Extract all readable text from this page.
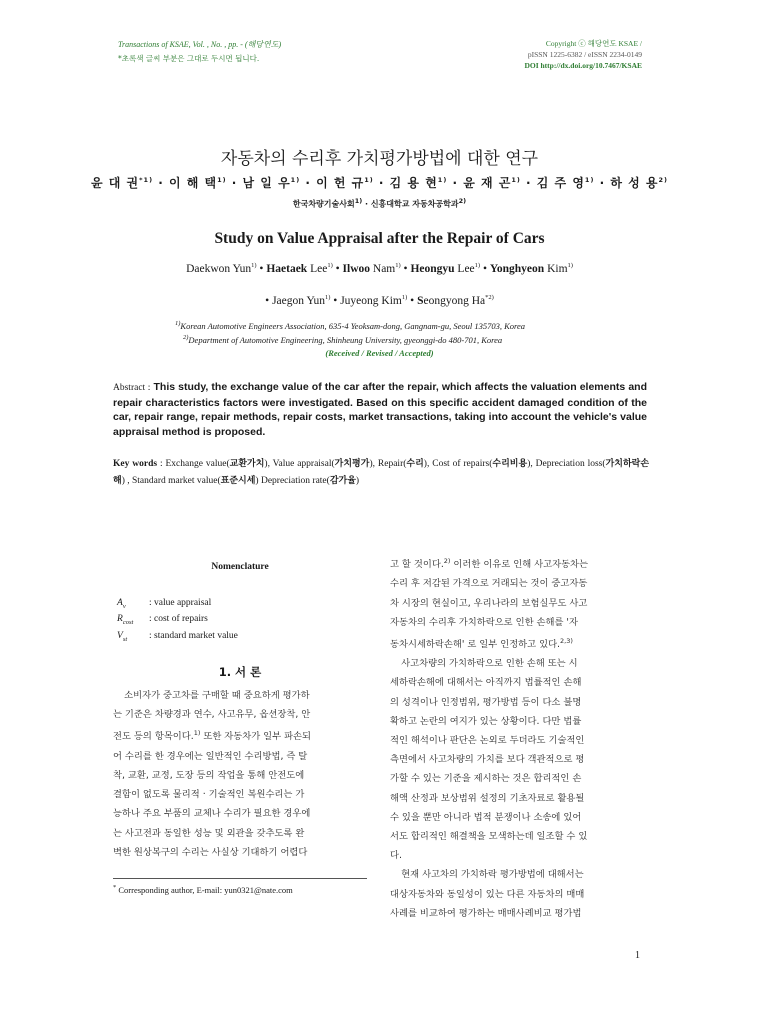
Transactions of KSAE, Vol. , No. , pp. - (해당연도)
*초록색 글씨 부분은 그대로 두시면 됩니다.
Copyright ⓒ 해당연도 KSAE /
pISSN 1225-6382 / eISSN 2234-0149
DOI http://dx.doi.org/10.7467/KSAE
자동차의 수리후 가치평가방법에 대한 연구
윤 대 권$^{*1)}$ · 이 해 택$^{1)}$ · 남 일 우$^{1)}$ · 이 헌 규$^{1)}$ · 김 용 현$^{1)}$ · 윤 재 곤$^{1)}$ · 김 주 영$^{1)}$ · 하 성 용$^{2)}$
한국차량기술사회$^{1)}$ · 신흥대학교 자동차공학과$^{2)}$
Study on Value Appraisal after the Repair of Cars
Daekwon Yun$^{1)}$ • Haetaek Lee$^{1)}$ • Ilwoo Nam$^{1)}$ • Heongyu Lee$^{1)}$ • Yonghyeon Kim$^{1)}$
• Jaegon Yun$^{1)}$ • Juyeong Kim$^{1)}$ • Seongyong Ha$^{*2)}$
$^{1)}$Korean Automotive Engineers Association, 635-4 Yeoksam-dong, Gangnam-gu, Seoul 135703, Korea
$^{2)}$Department of Automotive Engineering, Shinheung University, gyeonggi-do 480-701, Korea
(Received / Revised / Accepted)
Abstract : This study, the exchange value of the car after the repair, which affects the valuation elements and repair characteristics factors were investigated. Based on this specific accident damaged condition of the car, repair range, repair methods, repair costs, market transactions, taking into account the vehicle's value appraisal method is proposed.
Key words : Exchange value(교환가치), Value appraisal(가치평가), Repair(수리), Cost of repairs(수리비용), Depreciation loss(가치하락손해) , Standard market value(표준시세) Depreciation rate(감가율)
Nomenclature
$A_v$ : value appraisal
$R_{cost}$ : cost of repairs
$V_{st}$ : standard market value
1. 서 론
소비자가 중고차를 구매할 때 중요하게 평가하
는 기준은 차량경과 연수, 사고유무, 옵션장착, 안
전도 등의 항목이다.$^{1)}$ 또한 자동차가 일부 파손되
어 수리를 한 경우에는 일반적인 수리방법, 즉 탈
착, 교환, 교정, 도장 등의 작업을 통해 안전도에
결함이 없도록 물리적 · 기술적인 복원수리는 가
능하나 주요 부품의 교체나 수리가 필요한 경우에
는 사고전과 동일한 성능 및 외관을 갖추도록 완
벽한 원상복구의 수리는 사실상 기대하기 어렵다
* Corresponding author, E-mail: yun0321@nate.com
고 할 것이다.$^{2)}$ 이러한 이유로 인해 사고자동차는
수리 후 저감된 가격으로 거래되는 것이 중고자동
차 시장의 현실이고, 우리나라의 보험실무도 사고
자동차의 수리후 가치하락으로 인한 손해를 '자
동차시세하락손해' 로 일부 인정하고 있다.$^{2,3)}$
사고차량의 가치하락으로 인한 손해 또는 시
세하락손해에 대해서는 아직까지 법률적인 손해
의 성격이나 인정범위, 평가방법 등이 다소 불명
확하고 논란의 여지가 있는 상황이다. 다만 법률
적인 해석이나 판단은 논외로 두더라도 기술적인
측면에서 사고차량의 가치를 보다 객관적으로 평
가할 수 있는 기준을 제시하는 것은 합리적인 손
해액 산정과 보상범위 설정의 기초자료로 활용될
수 있을 뿐만 아니라 법적 분쟁이나 소송에 있어
서도 합리적인 해결책을 모색하는데 일조할 수 있
다.
현재 사고차의 가치하락 평가방법에 대해서는
대상자동차와 동일성이 있는 다른 자동차의 매매
사례를 비교하여 평가하는 매매사례비교 평가법
1
